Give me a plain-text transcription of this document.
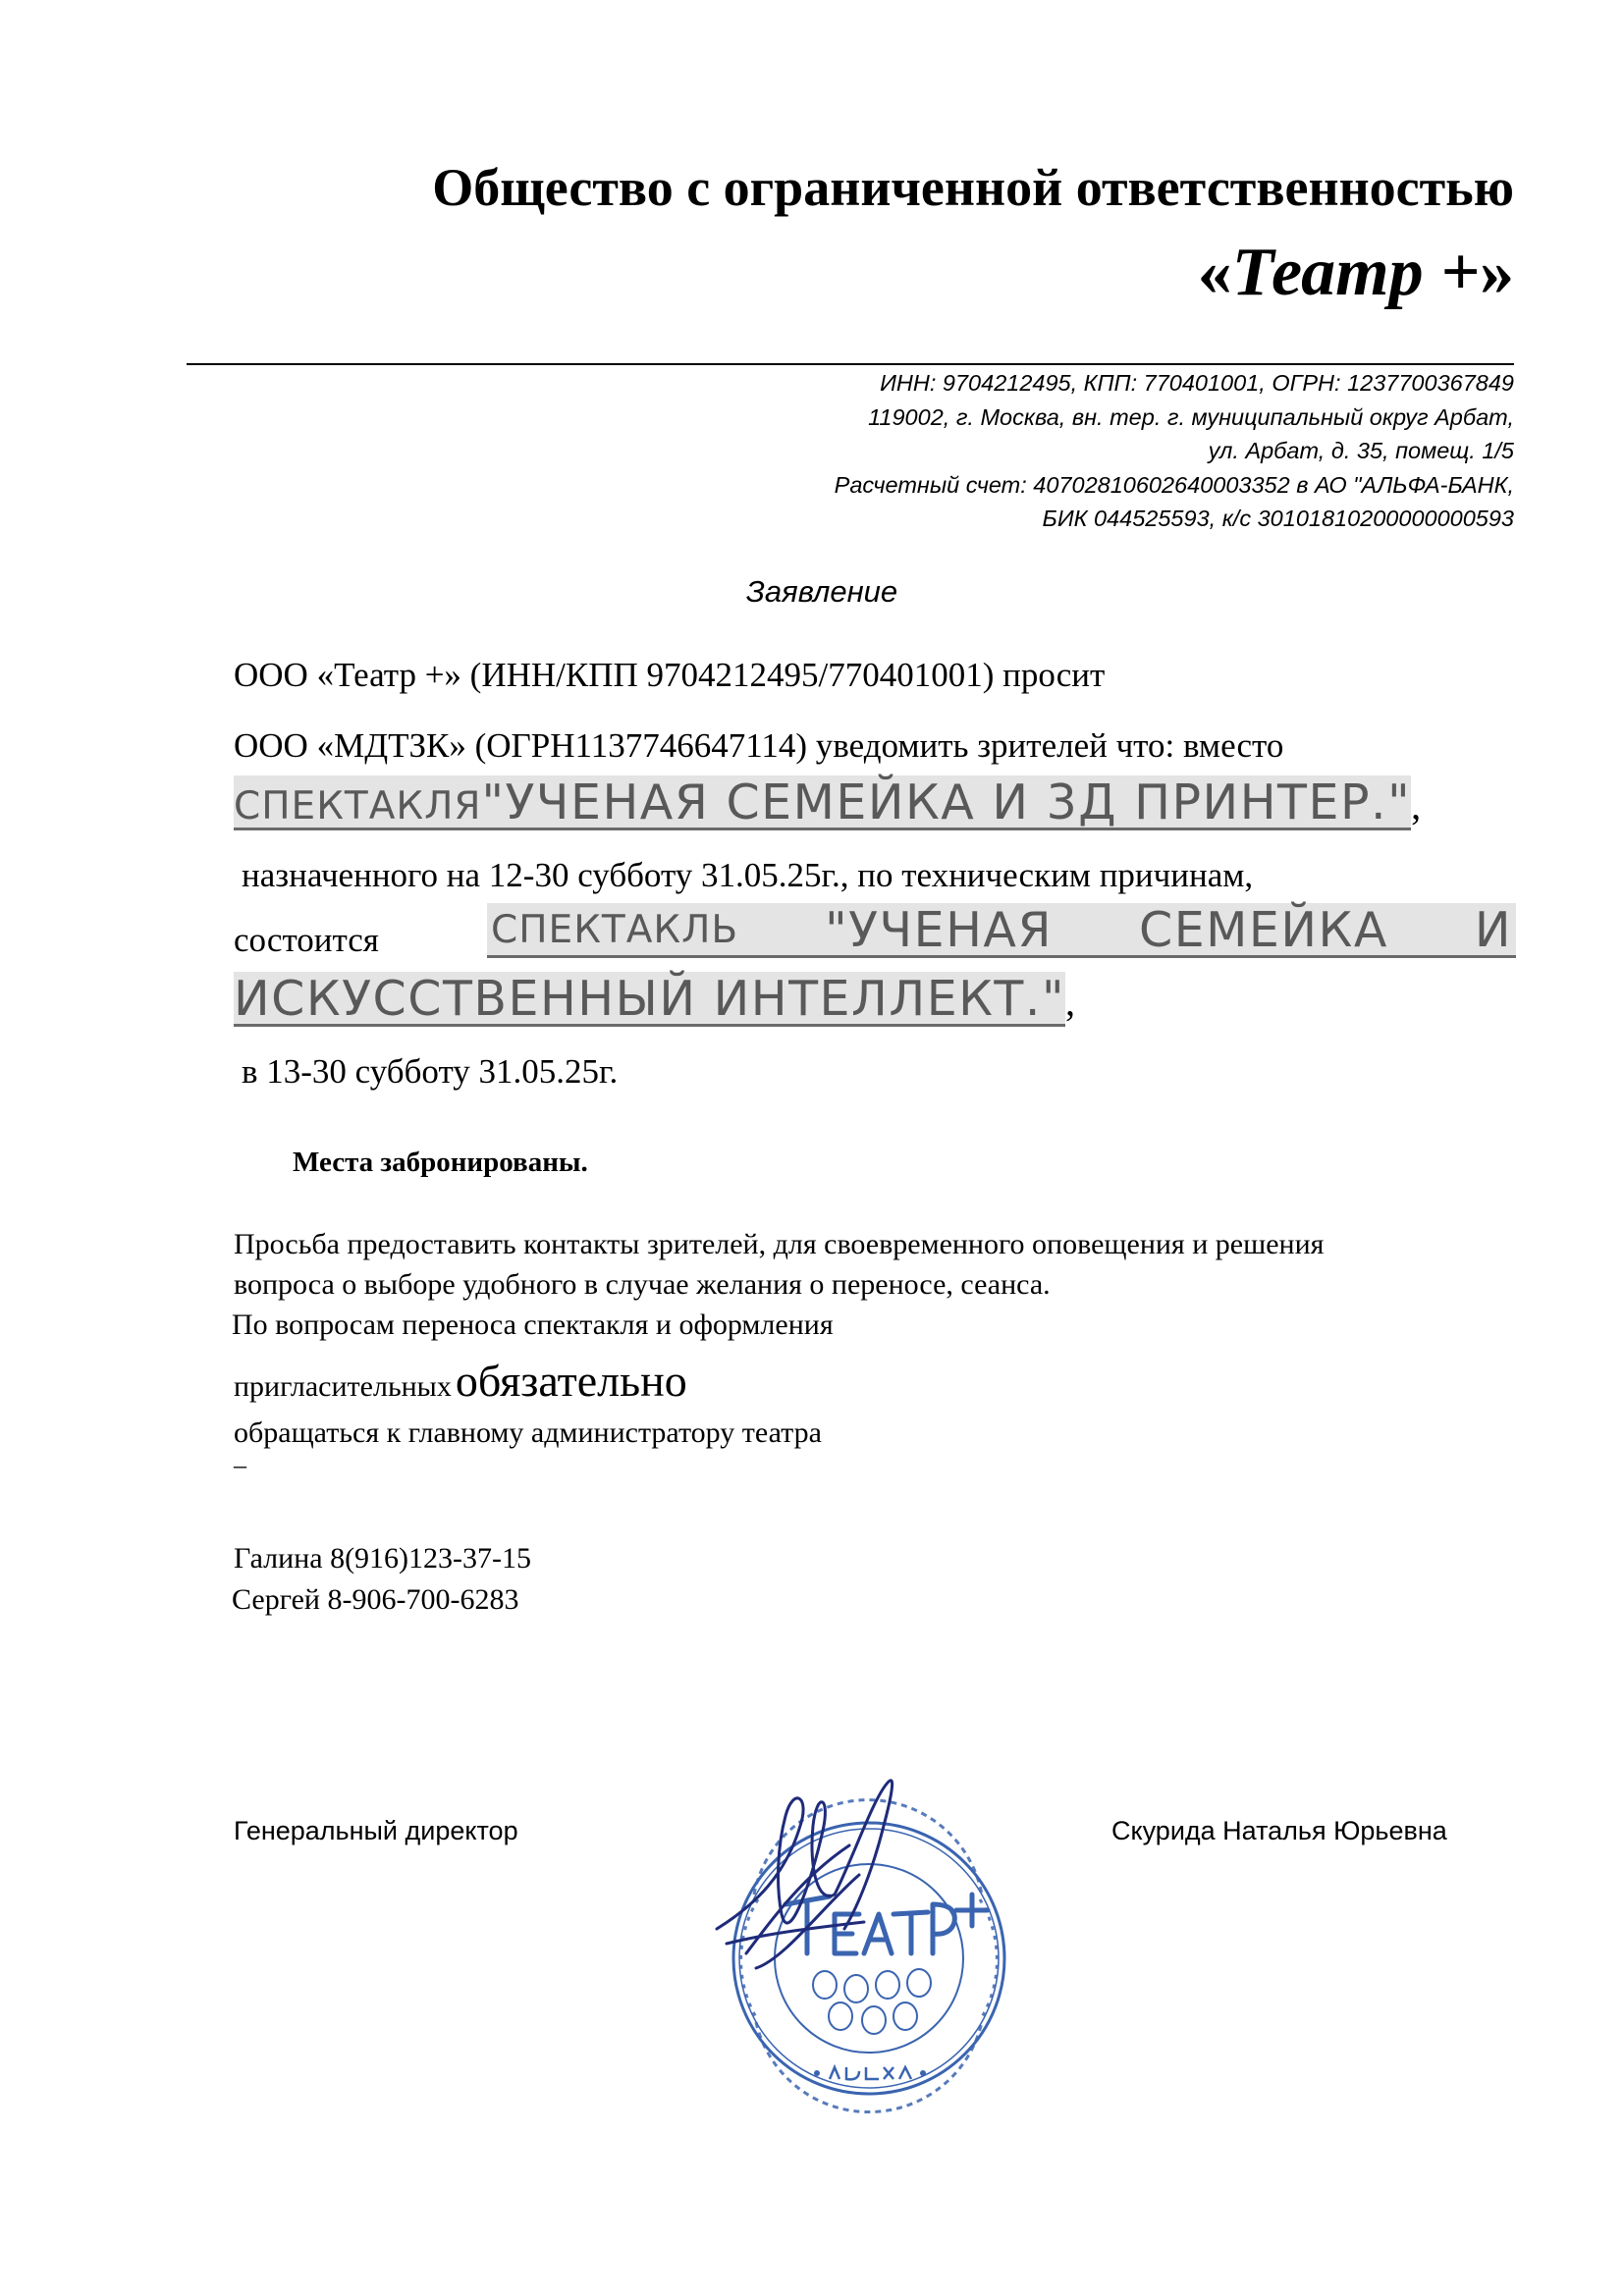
Общество с ограниченной ответственностью
«Театр +»
ИНН: 9704212495, КПП: 770401001, ОГРН: 1237700367849
119002, г. Москва, вн. тер. г. муниципальный округ Арбат,
ул. Арбат, д. 35, помещ. 1/5
Расчетный счет: 40702810602640003352 в АО "АЛЬФА-БАНК,
БИК 044525593, к/с 30101810200000000593
Заявление
ООО «Театр +» (ИНН/КПП 9704212495/770401001) просит
ООО «МДТЗК» (ОГРН1137746647114) уведомить зрителей что: вместо
СПЕКТАКЛЯ"УЧЕНАЯ СЕМЕЙКА И 3Д ПРИНТЕР.",
назначенного на 12-30 субботу 31.05.25г., по техническим причинам,
состоится	СПЕКТАКЛЬ "УЧЕНАЯ СЕМЕЙКА И
ИСКУССТВЕННЫЙ ИНТЕЛЛЕКТ.",
в 13-30 субботу 31.05.25г.
Места забронированы.
Просьба предоставить контакты зрителей, для своевременного оповещения и решения
вопроса о выборе удобного в случае желания о переносе, сеанса.
По вопросам переноса спектакля и оформления
пригласительных обязательно
обращаться к главному администратору театра
–
Галина 8(916)123-37-15
Сергей 8-906-700-6283
Генеральный директор	Скурида Наталья Юрьевна
